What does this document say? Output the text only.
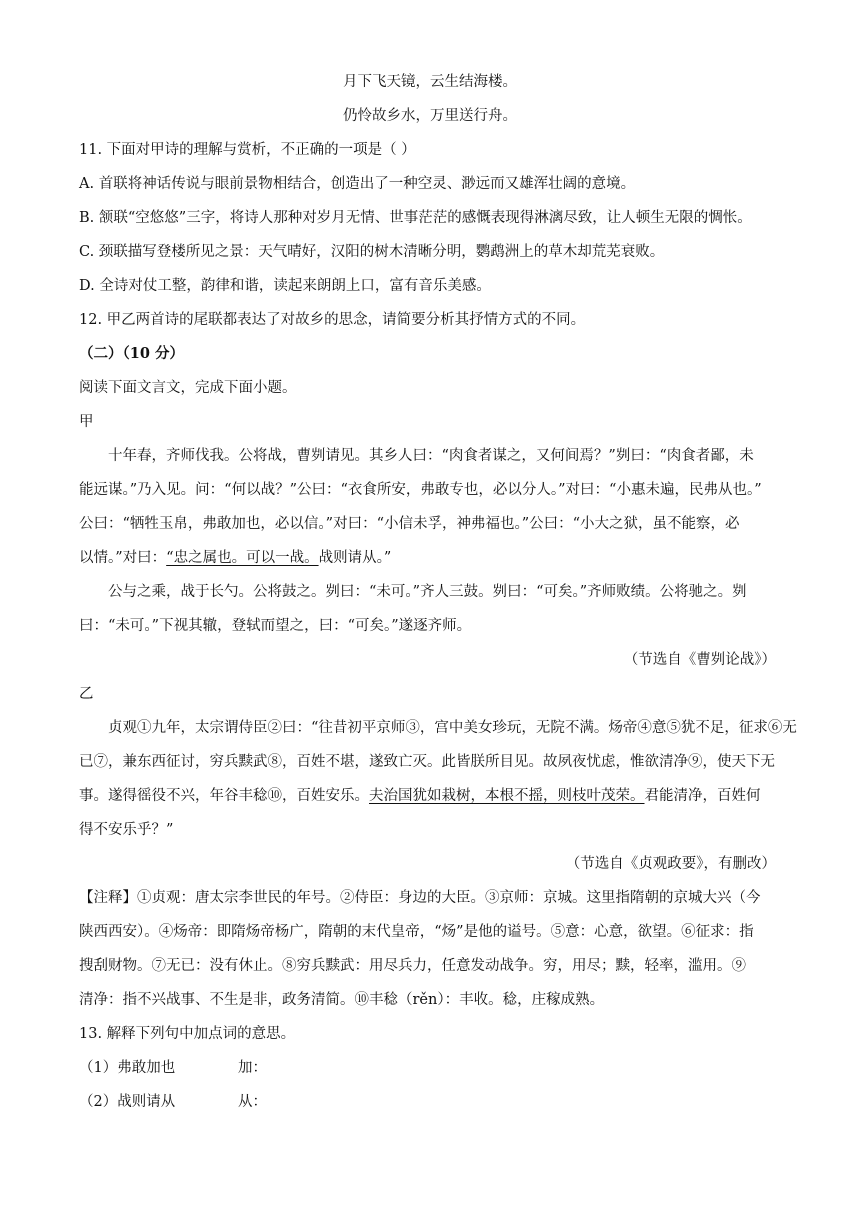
月下飞天镜，云生结海楼。
仍怜故乡水，万里送行舟。
11. 下面对甲诗的理解与赏析，不正确的一项是（ ）
A. 首联将神话传说与眼前景物相结合，创造出了一种空灵、渺远而又雄浑壮阔的意境。
B. 颔联“空悠悠”三字，将诗人那种对岁月无情、世事茫茫的感慨表现得淋漓尽致，让人顿生无限的惆怅。
C. 颈联描写登楼所见之景：天气晴好，汉阳的树木清晰分明，鹦鹉洲上的草木却荒芜衰败。
D. 全诗对仗工整，韵律和谐，读起来朗朗上口，富有音乐美感。
12. 甲乙两首诗的尾联都表达了对故乡的思念，请简要分析其抒情方式的不同。
（二）（10 分）
阅读下面文言文，完成下面小题。
甲
十年春，齐师伐我。公将战，曹刿请见。其乡人曰：“肉食者谋之，又何间焉？”刿曰：“肉食者鄙，未
能远谋。”乃入见。问：“何以战？”公曰：“衣食所安，弗敢专也，必以分人。”对曰：“小惠未遍，民弗从也。”
公曰：“牺牲玉帛，弗敢加也，必以信。”对曰：“小信未孚，神弗福也。”公曰：“小大之狱，虽不能察，必
以情。”对曰：“忠之属也。可以一战。战则请从。”
公与之乘，战于长勺。公将鼓之。刿曰：“未可。”齐人三鼓。刿曰：“可矣。”齐师败绩。公将驰之。刿
曰：“未可。”下视其辙，登轼而望之，曰：“可矣。”遂逐齐师。
（节选自《曹刿论战》）
乙
贞观①九年，太宗谓侍臣②曰：“往昔初平京师③，宫中美女珍玩，无院不满。炀帝④意⑤犹不足，征求⑥无
已⑦，兼东西征讨，穷兵黩武⑧，百姓不堪，遂致亡灭。此皆朕所目见。故夙夜忧虑，惟欲清净⑨，使天下无
事。遂得徭役不兴，年谷丰稔⑩，百姓安乐。夫治国犹如栽树，本根不摇，则枝叶茂荣。君能清净，百姓何
得不安乐乎？”
（节选自《贞观政要》，有删改）
【注释】①贞观：唐太宗李世民的年号。②侍臣：身边的大臣。③京师：京城。这里指隋朝的京城大兴（今
陕西西安）。④炀帝：即隋炀帝杨广，隋朝的末代皇帝，“炀”是他的谥号。⑤意：心意，欲望。⑥征求：指
搜刮财物。⑦无已：没有休止。⑧穷兵黩武：用尽兵力，任意发动战争。穷，用尽；黩，轻率，滥用。⑨
清净：指不兴战事、不生是非，政务清简。⑩丰稔（rěn）：丰收。稔，庄稼成熟。
13. 解释下列句中加点词的意思。
（1）弗敢加也	加：
（2）战则请从	从：
